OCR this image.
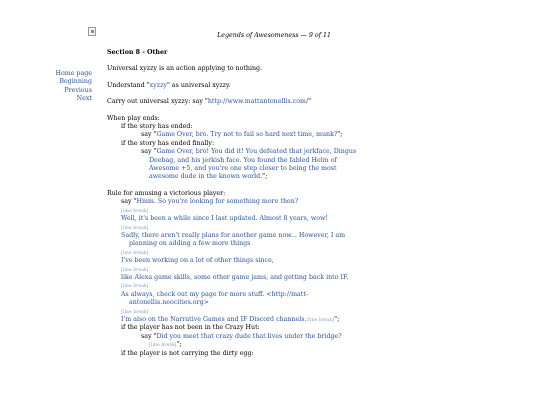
Legends of Awesomeness — 9 of 11
Home page
Beginning
Previous
Next

Section 8 - Other

Universal xyzzy is an action applying to nothing.

Understand "xyzzy" as universal xyzzy.

Carry out universal xyzzy: say "http://www.mattantonellis.com/"

When play ends:

if the story has ended:

say "Game Over, bro. Try not to fail so hard next time, munk?";

if the story has ended finally:

say "Game Over, bro! You did it! You defeated that jerkface, Dingus Deebag, and his jerkish face. You found the fabled Helm of Awesome +5, and you're one step closer to being the most awesome dude in the known world.";

Rule for amusing a victorious player:

say "Hmm. So you're looking for something more then?

[line break]

Well, it's been a while since I last updated. Almost 8 years, wow!

[line break]

Sadly, there aren't really plans for another game now... However, I am planning on adding a few more things

[line break]

I've been working on a lot of other things since,

[line break]

like Alexa game skills, some other game jams, and getting back into IF.

[line break]

As always, check out my page for more stuff. <http://matt-antonellis.neocities.org>

[line break]

I'm also on the Narrative Games and IF Discord channels.[line break]";

if the player has not been in the Crazy Hut:

say "Did you meet that crazy dude that lives under the bridge?

[line break]";

if the player is not carrying the dirty egg:
